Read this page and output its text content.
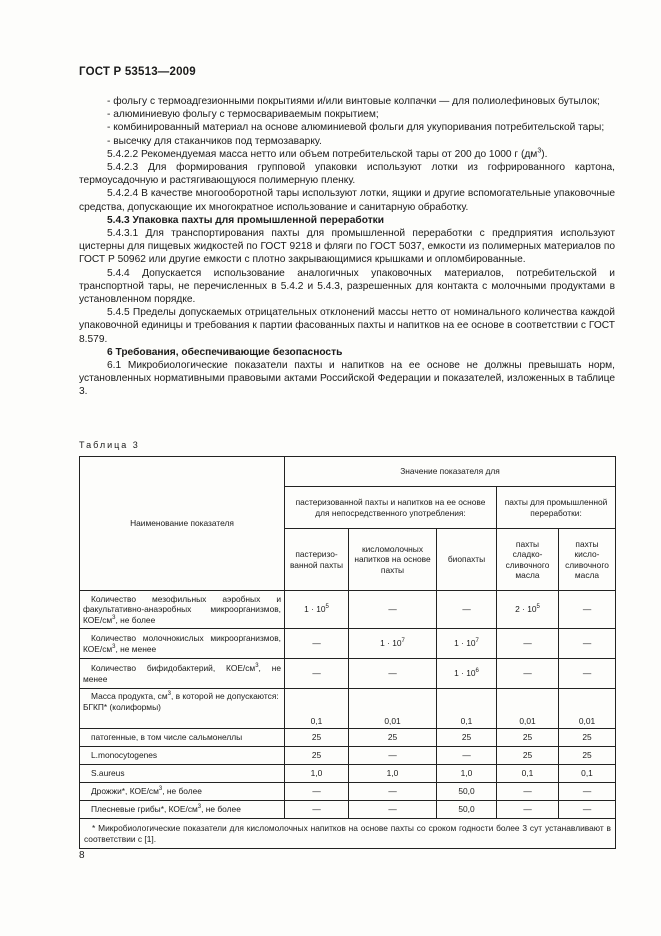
ГОСТ Р 53513—2009

- фольгу с термоадгезионными покрытиями и/или винтовые колпачки — для полиолефиновых бутылок;

- алюминиевую фольгу с термосвариваемым покрытием;

- комбинированный материал на основе алюминиевой фольги для укупоривания потребительской тары;

- высечку для стаканчиков под термозаварку.

5.4.2.2 Рекомендуемая масса нетто или объем потребительской тары от 200 до 1000 г $(дм^3)$.

5.4.2.3 Для формирования групповой упаковки используют лотки из гофрированного картона, термоусадочную и растягивающуюся полимерную пленку.

5.4.2.4 В качестве многооборотной тары используют лотки, ящики и другие вспомогательные упаковочные средства, допускающие их многократное использование и санитарную обработку.

5.4.3 Упаковка пахты для промышленной переработки

5.4.3.1 Для транспортирования пахты для промышленной переработки с предприятия используют цистерны для пищевых жидкостей по ГОСТ 9218 и фляги по ГОСТ 5037, емкости из полимерных материалов по ГОСТ Р 50962 или другие емкости с плотно закрывающимися крышками и опломбированные.

5.4.4 Допускается использование аналогичных упаковочных материалов, потребительской и транспортной тары, не перечисленных в 5.4.2 и 5.4.3, разрешенных для контакта с молочными продуктами в установленном порядке.

5.4.5 Пределы допускаемых отрицательных отклонений массы нетто от номинального количества каждой упаковочной единицы и требования к партии фасованных пахты и напитков на ее основе в соответствии с ГОСТ 8.579.

6 Требования, обеспечивающие безопасность

6.1 Микробиологические показатели пахты и напитков на ее основе не должны превышать норм, установленных нормативными правовыми актами Российской Федерации и показателей, изложенных в таблице 3.

Таблица 3
Наименование показателя	Значение показателя для				
	пастеризованной пахты и напитков на ее основе для непосредственного употребления:			пахты для промышленной переработки:	
	пастеризо-ванной пахты	кисломолочных напитков на основе пахты	биопахты	пахты сладко-сливочного масла	пахты кисло-сливочного масла
Количество мезофильных аэробных и факультативно-анаэробных микроорганизмов, КОЕ/$см^3$, не более	$1 \cdot 10^5$	—	—	$2 \cdot 10^5$	—
Количество молочнокислых микроорганизмов, КОЕ/$см^3$, не менее	—	$1 \cdot 10^7$	$1 \cdot 10^7$	—	—
Количество бифидобактерий, КОЕ/$см^3$, не менее	—	—	$1 \cdot 10^6$	—	—
Масса продукта, $см^3$, в которой не допускаются:
БГКП* (колиформы)	0,1	0,01	0,1	0,01	0,01
патогенные, в том числе сальмонеллы	25	25	25	25	25
L.monocytogenes	25	—	—	25	25
S.aureus	1,0	1,0	1,0	0,1	0,1
Дрожжи*, КОЕ/$см^3$, не более	—	—	50,0	—	—
Плесневые грибы*, КОЕ/$см^3$, не более	—	—	50,0	—	—
* Микробиологические показатели для кисломолочных напитков на основе пахты со сроком годности более 3 сут устанавливают в соответствии с [1].					
8
